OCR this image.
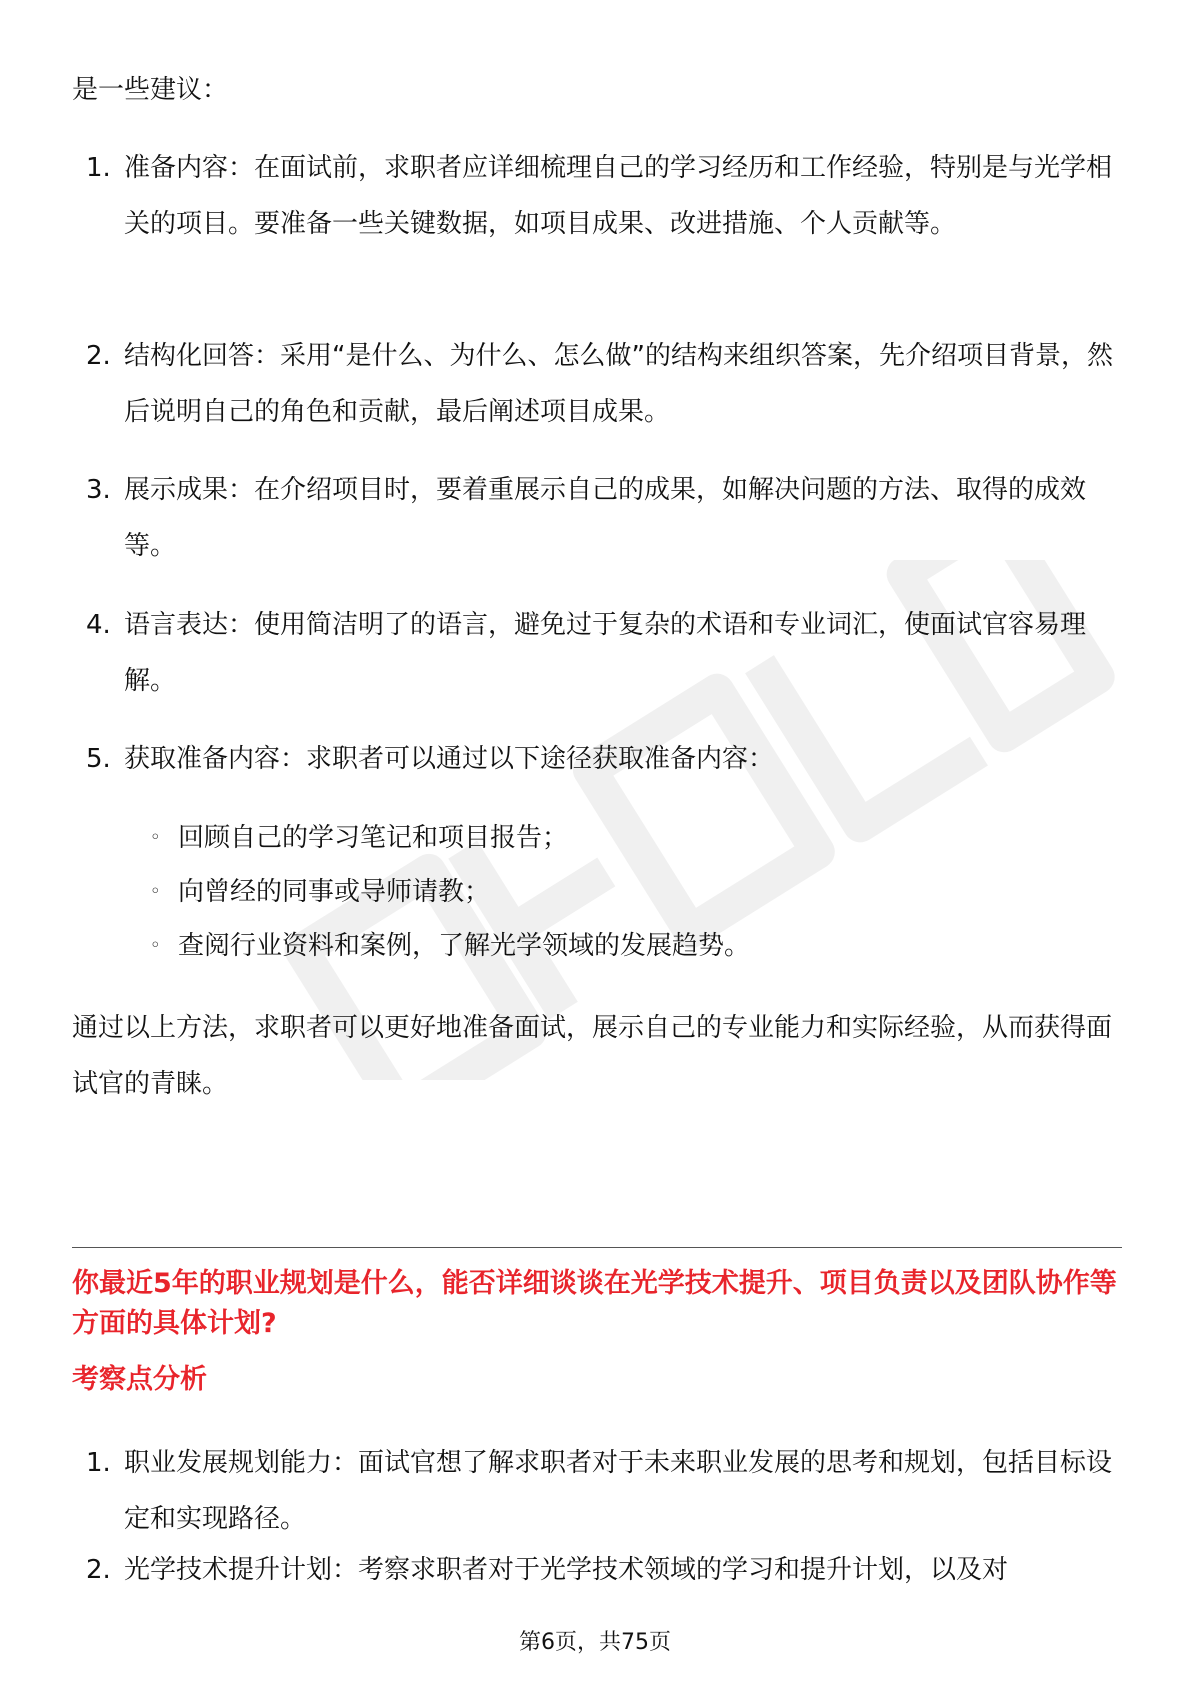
是一些建议：

1. 准备内容：在面试前，求职者应详细梳理自己的学习经历和工作经验，特别是与光学相关的项目。要准备一些关键数据，如项目成果、改进措施、个人贡献等。
2. 结构化回答：采用“是什么、为什么、怎么做”的结构来组织答案，先介绍项目背景，然后说明自己的角色和贡献，最后阐述项目成果。
3. 展示成果：在介绍项目时，要着重展示自己的成果，如解决问题的方法、取得的成效等。
4. 语言表达：使用简洁明了的语言，避免过于复杂的术语和专业词汇，使面试官容易理解。
5. 获取准备内容：求职者可以通过以下途径获取准备内容：
◦ 回顾自己的学习笔记和项目报告；
◦ 向曾经的同事或导师请教；
◦ 查阅行业资料和案例，了解光学领域的发展趋势。

通过以上方法，求职者可以更好地准备面试，展示自己的专业能力和实际经验，从而获得面试官的青睐。

你最近5年的职业规划是什么，能否详细谈谈在光学技术提升、项目负责以及团队协作等方面的具体计划?

考察点分析

1. 职业发展规划能力：面试官想了解求职者对于未来职业发展的思考和规划，包括目标设定和实现路径。
2. 光学技术提升计划：考察求职者对于光学技术领域的学习和提升计划，以及对
第6页，共75页
